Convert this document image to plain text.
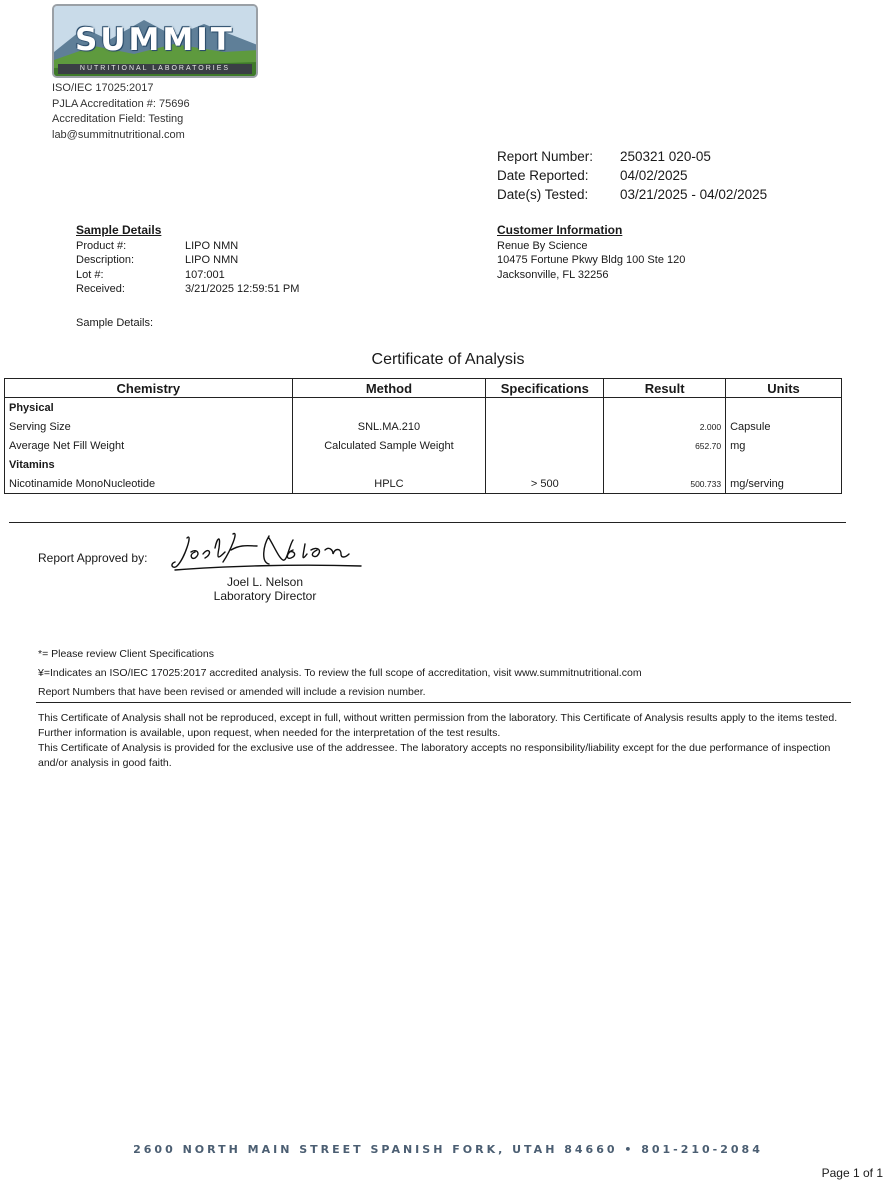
SUMMIT
NUTRITIONAL LABORATORIES
ISO/IEC 17025:2017
PJLA Accreditation #: 75696
Accreditation Field: Testing
lab@summitnutritional.com
Report Number: 250321 020-05
Date Reported: 04/02/2025
Date(s) Tested: 03/21/2025 - 04/02/2025
Sample Details
Product #:	LIPO NMN
Description:	LIPO NMN
Lot #:	107:001
Received:	3/21/2025 12:59:51 PM
Customer Information
Renue By Science
10475 Fortune Pkwy Bldg 100 Ste 120
Jacksonville, FL 32256
Sample Details:
Certificate of Analysis
Chemistry	Method	Specifications	Result	Units
Physical				
Serving Size	SNL.MA.210		2.000	Capsule
Average Net Fill Weight	Calculated Sample Weight		652.70	mg
Vitamins				
Nicotinamide MonoNucleotide	HPLC	> 500	500.733	mg/serving
Report Approved by:
Joel L. Nelson
Laboratory Director
*= Please review Client Specifications
¥=Indicates an ISO/IEC 17025:2017 accredited analysis. To review the full scope of accreditation, visit www.summitnutritional.com
Report Numbers that have been revised or amended will include a revision number.
This Certificate of Analysis shall not be reproduced, except in full, without written permission from the laboratory. This Certificate of Analysis results apply to the items tested. Further information is available, upon request, when needed for the interpretation of the test results.
This Certificate of Analysis is provided for the exclusive use of the addressee. The laboratory accepts no responsibility/liability except for the due performance of inspection and/or analysis in good faith.
2600 NORTH MAIN STREET SPANISH FORK, UTAH 84660 • 801-210-2084
Page 1 of 1
